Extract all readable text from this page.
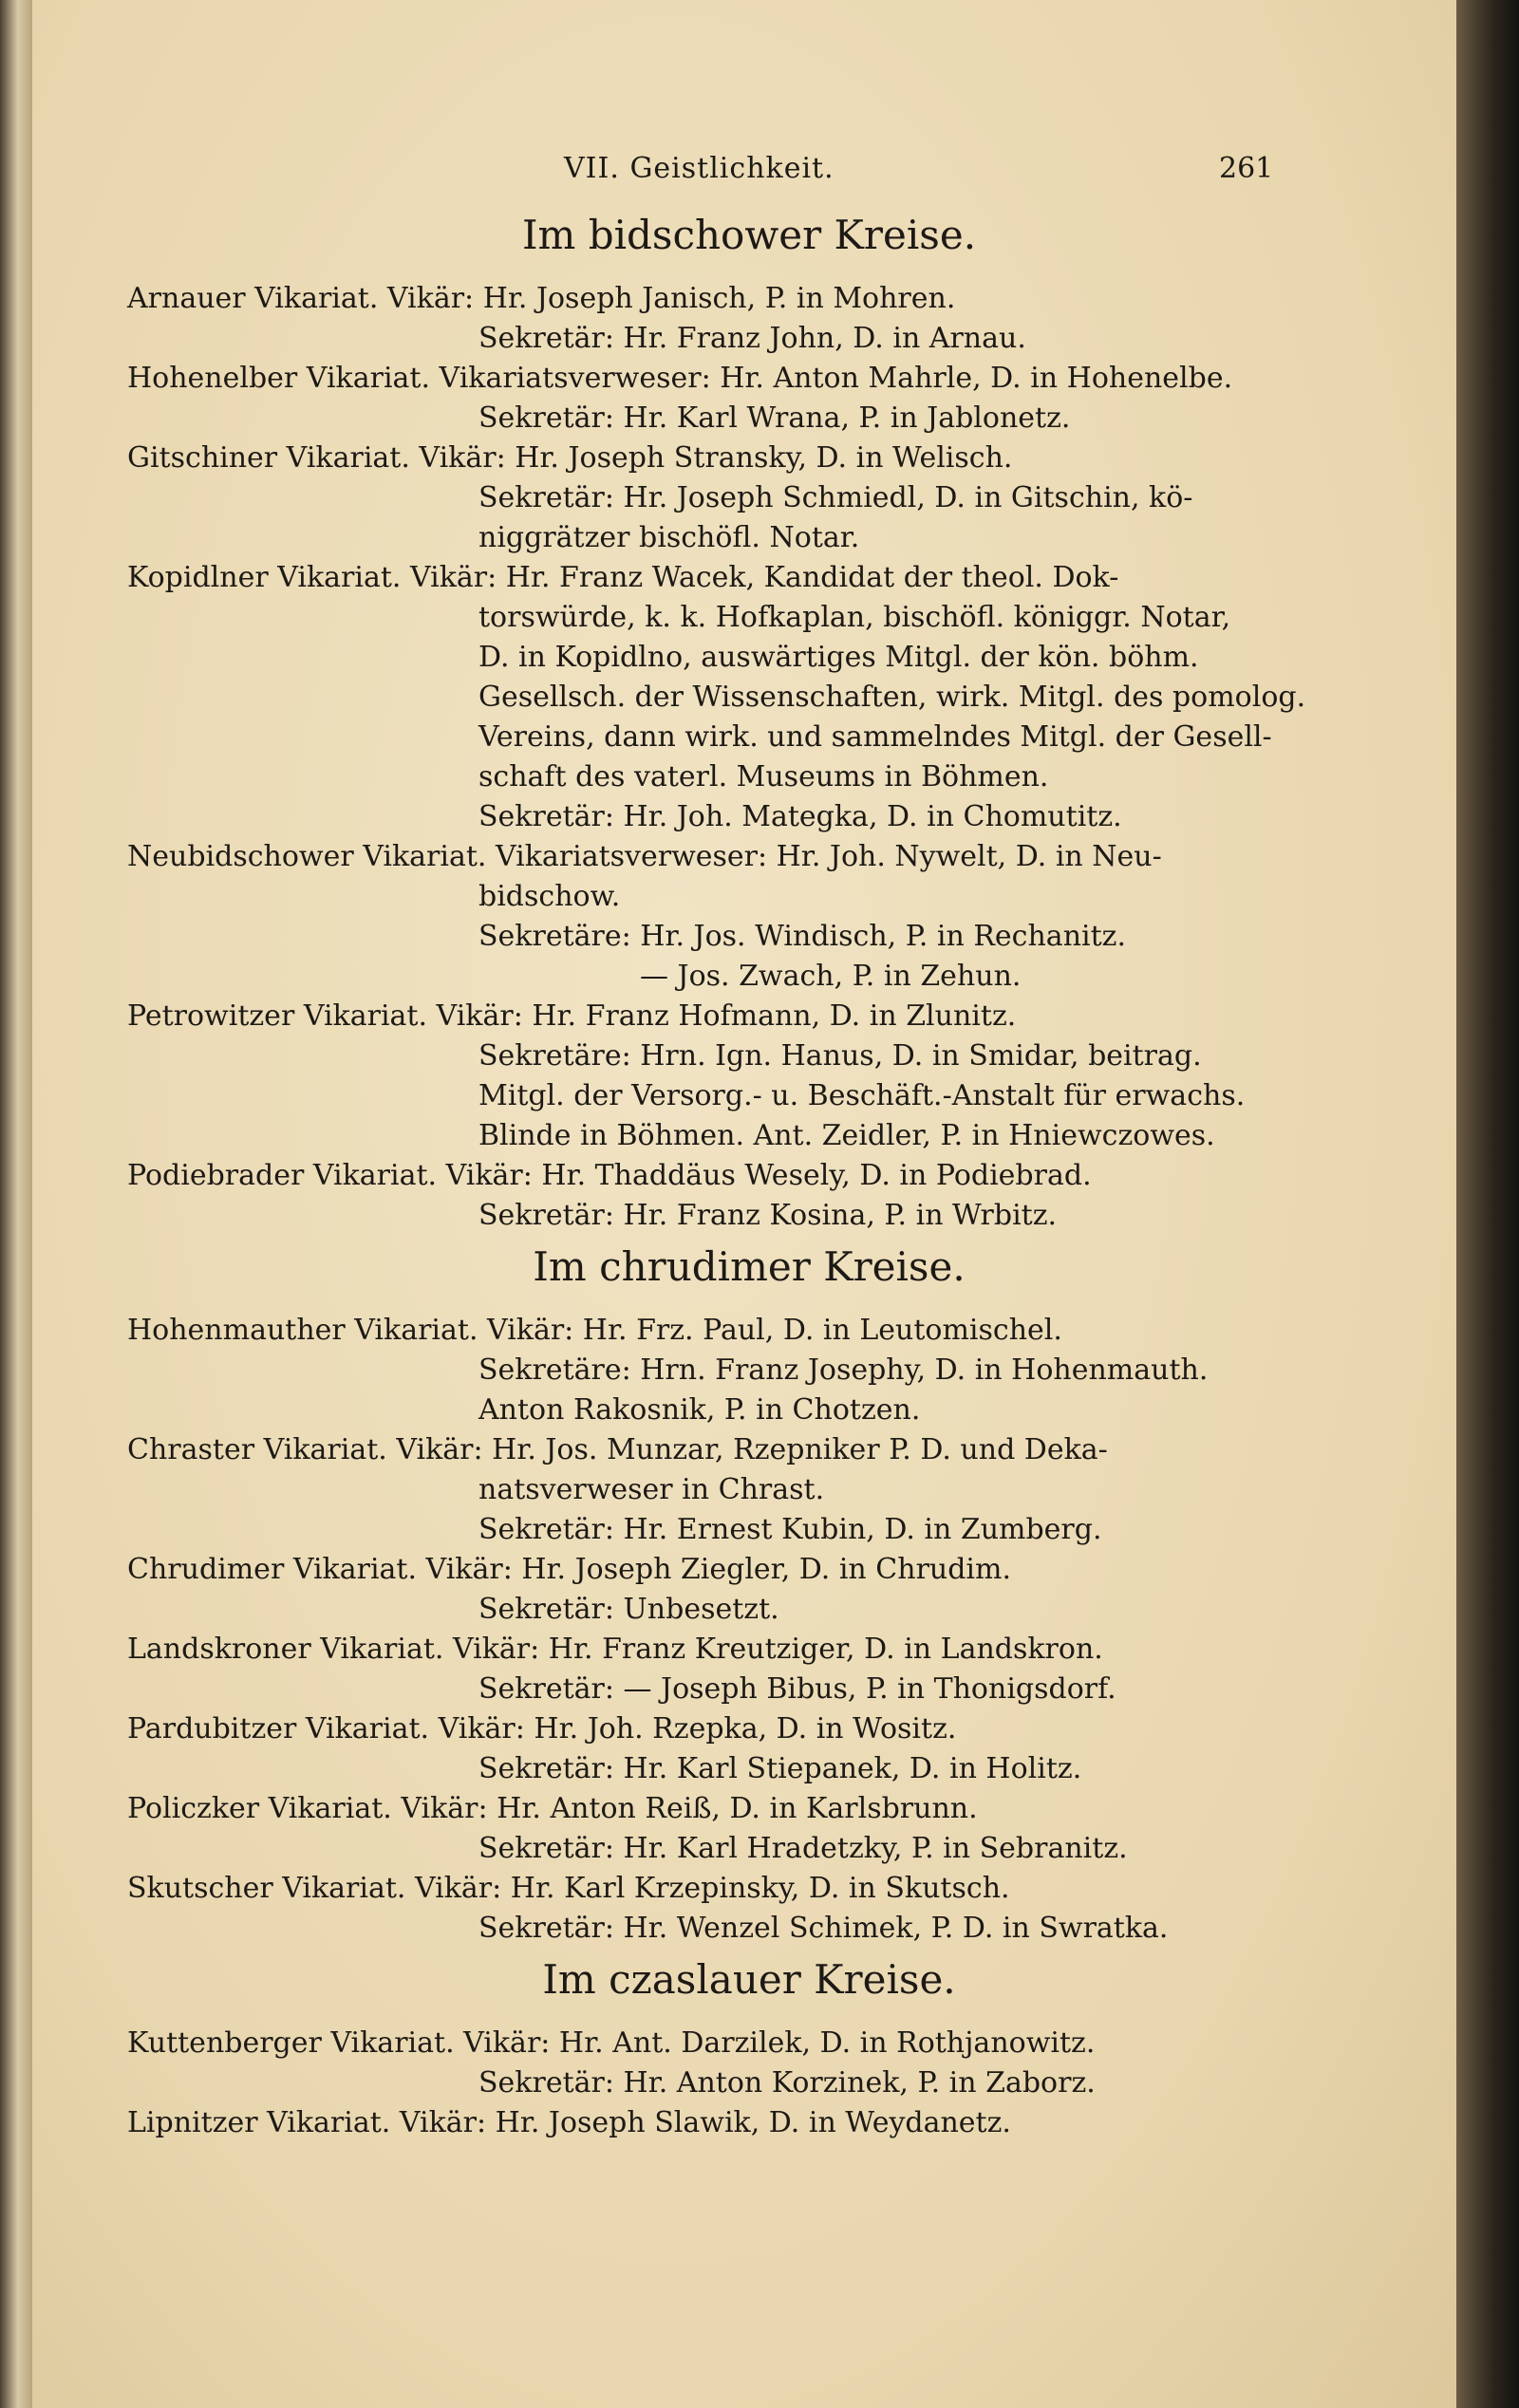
VII. Geistlichkeit.	261
Im bidschower Kreise.

Arnauer Vikariat. Vikär: Hr. Joseph Janisch, P. in Mohren.

Sekretär: Hr. Franz John, D. in Arnau.

Hohenelber Vikariat. Vikariatsverweser: Hr. Anton Mahrle, D. in Hohenelbe.

Sekretär: Hr. Karl Wrana, P. in Jablonetz.

Gitschiner Vikariat. Vikär: Hr. Joseph Stransky, D. in Welisch.

Sekretär: Hr. Joseph Schmiedl, D. in Gitschin, kö-

niggrätzer bischöfl. Notar.

Kopidlner Vikariat. Vikär: Hr. Franz Wacek, Kandidat der theol. Dok-

torswürde, k. k. Hofkaplan, bischöfl. königgr. Notar,

D. in Kopidlno, auswärtiges Mitgl. der kön. böhm.

Gesellsch. der Wissenschaften, wirk. Mitgl. des pomolog.

Vereins, dann wirk. und sammelndes Mitgl. der Gesell-

schaft des vaterl. Museums in Böhmen.

Sekretär: Hr. Joh. Mategka, D. in Chomutitz.

Neubidschower Vikariat. Vikariatsverweser: Hr. Joh. Nywelt, D. in Neu-

bidschow.

Sekretäre: Hr. Jos. Windisch, P. in Rechanitz.

— Jos. Zwach, P. in Zehun.

Petrowitzer Vikariat. Vikär: Hr. Franz Hofmann, D. in Zlunitz.

Sekretäre: Hrn. Ign. Hanus, D. in Smidar, beitrag.

Mitgl. der Versorg.- u. Beschäft.-Anstalt für erwachs.

Blinde in Böhmen. Ant. Zeidler, P. in Hniewczowes.

Podiebrader Vikariat. Vikär: Hr. Thaddäus Wesely, D. in Podiebrad.

Sekretär: Hr. Franz Kosina, P. in Wrbitz.

Im chrudimer Kreise.

Hohenmauther Vikariat. Vikär: Hr. Frz. Paul, D. in Leutomischel.

Sekretäre: Hrn. Franz Josephy, D. in Hohenmauth.

Anton Rakosnik, P. in Chotzen.

Chraster Vikariat. Vikär: Hr. Jos. Munzar, Rzepniker P. D. und Deka-

natsverweser in Chrast.

Sekretär: Hr. Ernest Kubin, D. in Zumberg.

Chrudimer Vikariat. Vikär: Hr. Joseph Ziegler, D. in Chrudim.

Sekretär: Unbesetzt.

Landskroner Vikariat. Vikär: Hr. Franz Kreutziger, D. in Landskron.

Sekretär: — Joseph Bibus, P. in Thonigsdorf.

Pardubitzer Vikariat. Vikär: Hr. Joh. Rzepka, D. in Wositz.

Sekretär: Hr. Karl Stiepanek, D. in Holitz.

Policzker Vikariat. Vikär: Hr. Anton Reiß, D. in Karlsbrunn.

Sekretär: Hr. Karl Hradetzky, P. in Sebranitz.

Skutscher Vikariat. Vikär: Hr. Karl Krzepinsky, D. in Skutsch.

Sekretär: Hr. Wenzel Schimek, P. D. in Swratka.

Im czaslauer Kreise.

Kuttenberger Vikariat. Vikär: Hr. Ant. Darzilek, D. in Rothjanowitz.

Sekretär: Hr. Anton Korzinek, P. in Zaborz.

Lipnitzer Vikariat. Vikär: Hr. Joseph Slawik, D. in Weydanetz.
